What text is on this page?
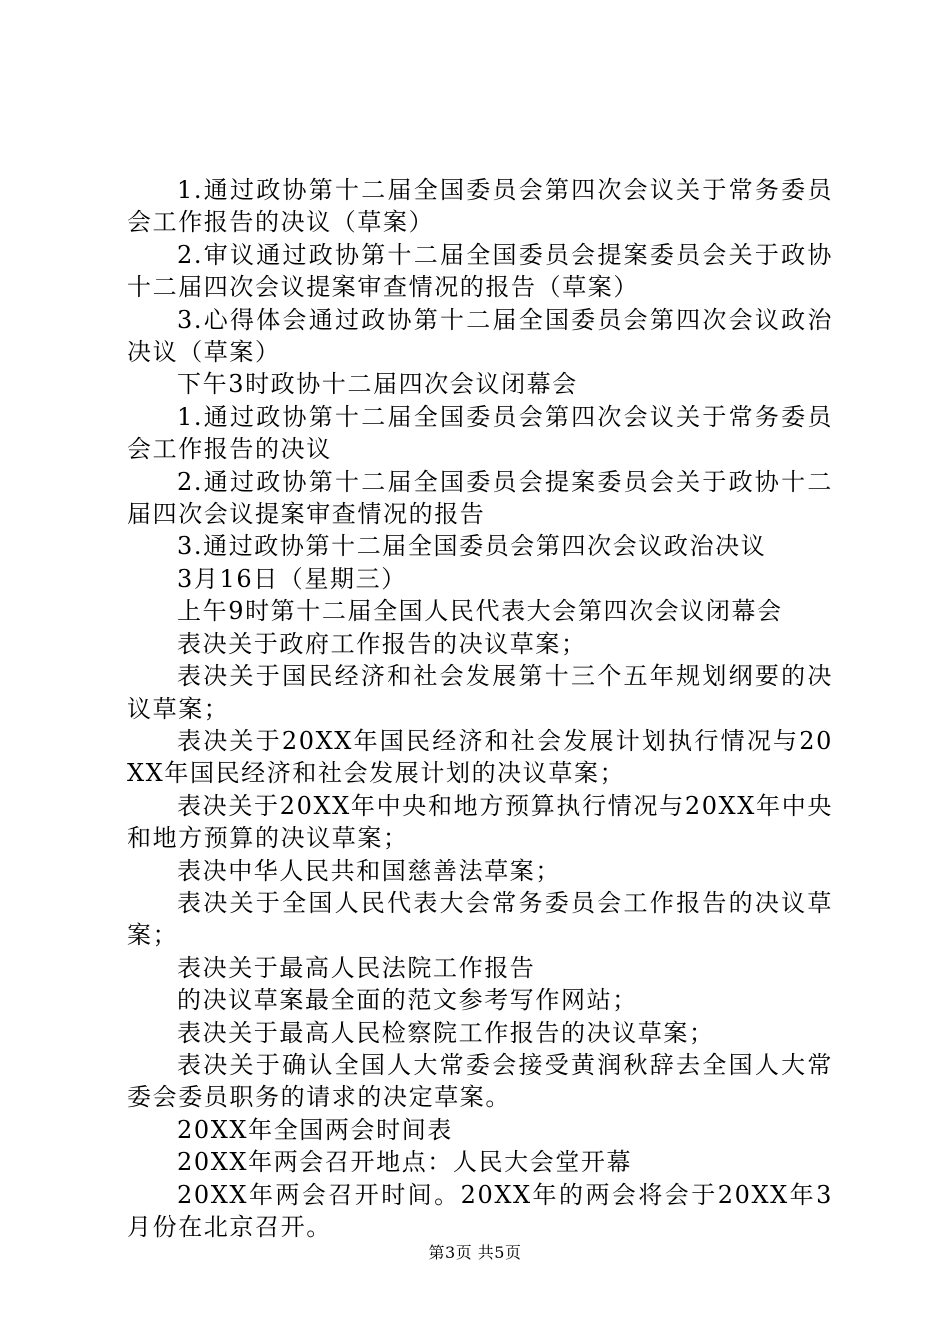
1.通过政协第十二届全国委员会第四次会议关于常务委员会工作报告的决议（草案）

2.审议通过政协第十二届全国委员会提案委员会关于政协十二届四次会议提案审查情况的报告（草案）

3.心得体会通过政协第十二届全国委员会第四次会议政治决议（草案）

下午3时政协十二届四次会议闭幕会

1.通过政协第十二届全国委员会第四次会议关于常务委员会工作报告的决议

2.通过政协第十二届全国委员会提案委员会关于政协十二届四次会议提案审查情况的报告

3.通过政协第十二届全国委员会第四次会议政治决议

3月16日（星期三）

上午9时第十二届全国人民代表大会第四次会议闭幕会

表决关于政府工作报告的决议草案；

表决关于国民经济和社会发展第十三个五年规划纲要的决议草案；

表决关于20XX年国民经济和社会发展计划执行情况与20XX年国民经济和社会发展计划的决议草案；

表决关于20XX年中央和地方预算执行情况与20XX年中央和地方预算的决议草案；

表决中华人民共和国慈善法草案；

表决关于全国人民代表大会常务委员会工作报告的决议草案；

表决关于最高人民法院工作报告

的决议草案最全面的范文参考写作网站；

表决关于最高人民检察院工作报告的决议草案；

表决关于确认全国人大常委会接受黄润秋辞去全国人大常委会委员职务的请求的决定草案。

20XX年全国两会时间表

20XX年两会召开地点：人民大会堂开幕

20XX年两会召开时间。20XX年的两会将会于20XX年3月份在北京召开。

第3页 共5页
